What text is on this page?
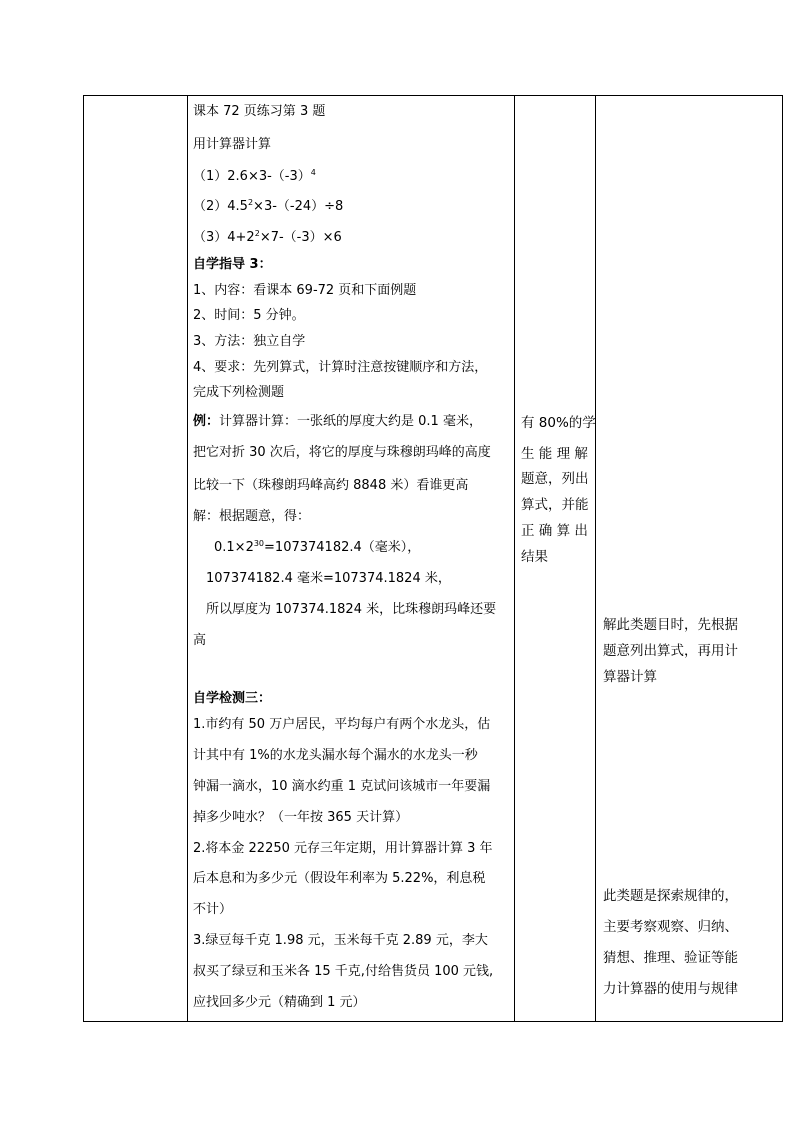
课本 72 页练习第 3 题
用计算器计算
$(1)2.6\times 3-(-3)^4$
$(2)4.5^2\times 3-(-24)\div 8$
$(3)4+2^2\times 7-(-3)\times 6$
自学指导 3：
1、内容：看课本 69-72 页和下面例题
2、时间：5 分钟。
3、方法：独立自学
4、要求：先列算式，计算时注意按键顺序和方法，
完成下列检测题
例：计算器计算：一张纸的厚度大约是 0.1 毫米，
把它对折 30 次后，将它的厚度与珠穆朗玛峰的高度
比较一下（珠穆朗玛峰高约 8848 米）看谁更高
解：根据题意，得：
$0.1\times 2^{30}=107374182.4$（毫米），
107374182.4 毫米=107374.1824 米，
所以厚度为 107374.1824 米，比珠穆朗玛峰还要
高
自学检测三：
1.市约有 50 万户居民，平均每户有两个水龙头，估
计其中有 1%的水龙头漏水每个漏水的水龙头一秒
钟漏一滴水，10 滴水约重 1 克试问该城市一年要漏
掉多少吨水？（一年按 365 天计算）
2.将本金 22250 元存三年定期，用计算器计算 3 年
后本息和为多少元（假设年利率为 5.22%，利息税
不计）
3.绿豆每千克 1.98 元，玉米每千克 2.89 元，李大
叔买了绿豆和玉米各 15 千克,付给售货员 100 元钱,
应找回多少元（精确到 1 元）
有 80%的学
生 能 理 解
题意，列出
算式，并能
正 确 算 出
结果
解此类题目时，先根据
题意列出算式，再用计
算器计算
此类题是探索规律的，
主要考察观察、归纳、
猜想、推理、验证等能
力计算器的使用与规律
